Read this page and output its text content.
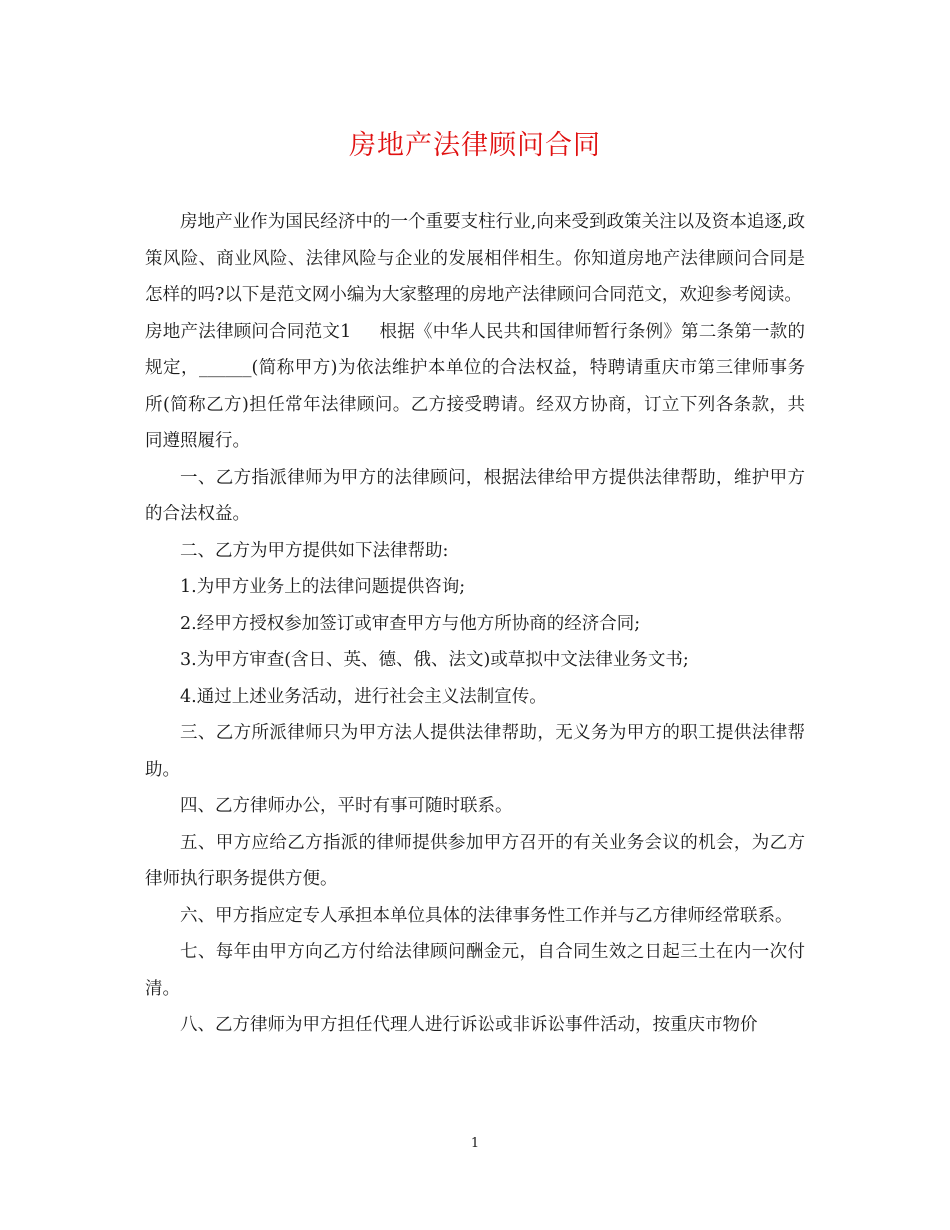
房地产法律顾问合同

房地产业作为国民经济中的一个重要支柱行业,向来受到政策关注以及资本追逐,政策风险、商业风险、法律风险与企业的发展相伴相生。你知道房地产法律顾问合同是怎样的吗?以下是范文网小编为大家整理的房地产法律顾问合同范文，欢迎参考阅读。

房地产法律顾问合同范文1 根据《中华人民共和国律师暂行条例》第二条第一款的规定，______(简称甲方)为依法维护本单位的合法权益，特聘请重庆市第三律师事务所(简称乙方)担任常年法律顾问。乙方接受聘请。经双方协商，订立下列各条款，共同遵照履行。

一、乙方指派律师为甲方的法律顾问，根据法律给甲方提供法律帮助，维护甲方的合法权益。

二、乙方为甲方提供如下法律帮助:

1.为甲方业务上的法律问题提供咨询;

2.经甲方授权参加签订或审查甲方与他方所协商的经济合同;

3.为甲方审查(含日、英、德、俄、法文)或草拟中文法律业务文书;

4.通过上述业务活动，进行社会主义法制宣传。

三、乙方所派律师只为甲方法人提供法律帮助，无义务为甲方的职工提供法律帮助。

四、乙方律师办公，平时有事可随时联系。

五、甲方应给乙方指派的律师提供参加甲方召开的有关业务会议的机会，为乙方律师执行职务提供方便。

六、甲方指应定专人承担本单位具体的法律事务性工作并与乙方律师经常联系。

七、每年由甲方向乙方付给法律顾问酬金元，自合同生效之日起三土在内一次付清。

八、乙方律师为甲方担任代理人进行诉讼或非诉讼事件活动，按重庆市物价

1
